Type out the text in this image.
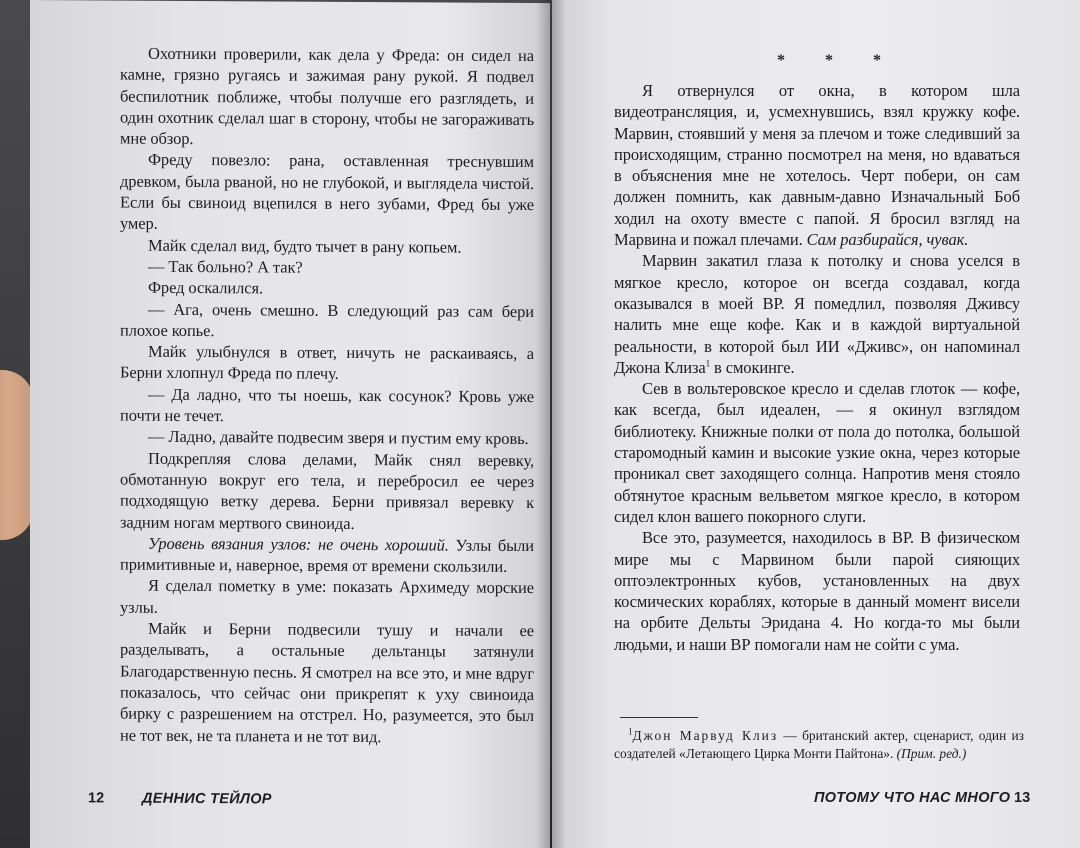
Охотники проверили, как дела у Фреда: он сидел на камне, грязно ругаясь и зажимая рану рукой. Я подвел беспилотник поближе, чтобы получше его разглядеть, и один охотник сделал шаг в сторону, чтобы не загораживать мне обзор.

Фреду повезло: рана, оставленная треснувшим древком, была рваной, но не глубокой, и выглядела чистой. Если бы свиноид вцепился в него зубами, Фред бы уже умер.

Майк сделал вид, будто тычет в рану копьем.

— Так больно? А так?

Фред оскалился.

— Ага, очень смешно. В следующий раз сам бери плохое копье.

Майк улыбнулся в ответ, ничуть не раскаиваясь, а Берни хлопнул Фреда по плечу.

— Да ладно, что ты ноешь, как сосунок? Кровь уже почти не течет.

— Ладно, давайте подвесим зверя и пустим ему кровь.

Подкрепляя слова делами, Майк снял веревку, обмотанную вокруг его тела, и перебросил ее через подходящую ветку дерева. Берни привязал веревку к задним ногам мертвого свиноида.

Уровень вязания узлов: не очень хороший. Узлы были примитивные и, наверное, время от времени скользили.

Я сделал пометку в уме: показать Архимеду морские узлы.

Майк и Берни подвесили тушу и начали ее разделывать, а остальные дельтанцы затянули Благодарственную песнь. Я смотрел на все это, и мне вдруг показалось, что сейчас они прикрепят к уху свиноида бирку с разрешением на отстрел. Но, разумеется, это был не тот век, не та планета и не тот вид.

12	ДЕННИС ТЕЙЛОР
* * *

Я отвернулся от окна, в котором шла видеотрансляция, и, усмехнувшись, взял кружку кофе. Марвин, стоявший у меня за плечом и тоже следивший за происходящим, странно посмотрел на меня, но вдаваться в объяснения мне не хотелось. Черт побери, он сам должен помнить, как давным-давно Изначальный Боб ходил на охоту вместе с папой. Я бросил взгляд на Марвина и пожал плечами. Сам разбирайся, чувак.

Марвин закатил глаза к потолку и снова уселся в мягкое кресло, которое он всегда создавал, когда оказывался в моей ВР. Я помедлил, позволяя Дживсу налить мне еще кофе. Как и в каждой виртуальной реальности, в которой был ИИ «Дживс», он напоминал Джона Клиза$^1$ в смокинге.

Сев в вольтеровское кресло и сделав глоток — кофе, как всегда, был идеален, — я окинул взглядом библиотеку. Книжные полки от пола до потолка, большой старомодный камин и высокие узкие окна, через которые проникал свет заходящего солнца. Напротив меня стояло обтянутое красным вельветом мягкое кресло, в котором сидел клон вашего покорного слуги.

Все это, разумеется, находилось в ВР. В физическом мире мы с Марвином были парой сияющих оптоэлектронных кубов, установленных на двух космических кораблях, которые в данный момент висели на орбите Дельты Эридана 4. Но когда-то мы были людьми, и наши ВР помогали нам не сойти с ума.

$^1$Джон Марвуд Клиз — британский актер, сценарист, один из создателей «Летающего Цирка Монти Пайтона». (Прим. ред.)
ПОТОМУ ЧТО НАС МНОГО 13
